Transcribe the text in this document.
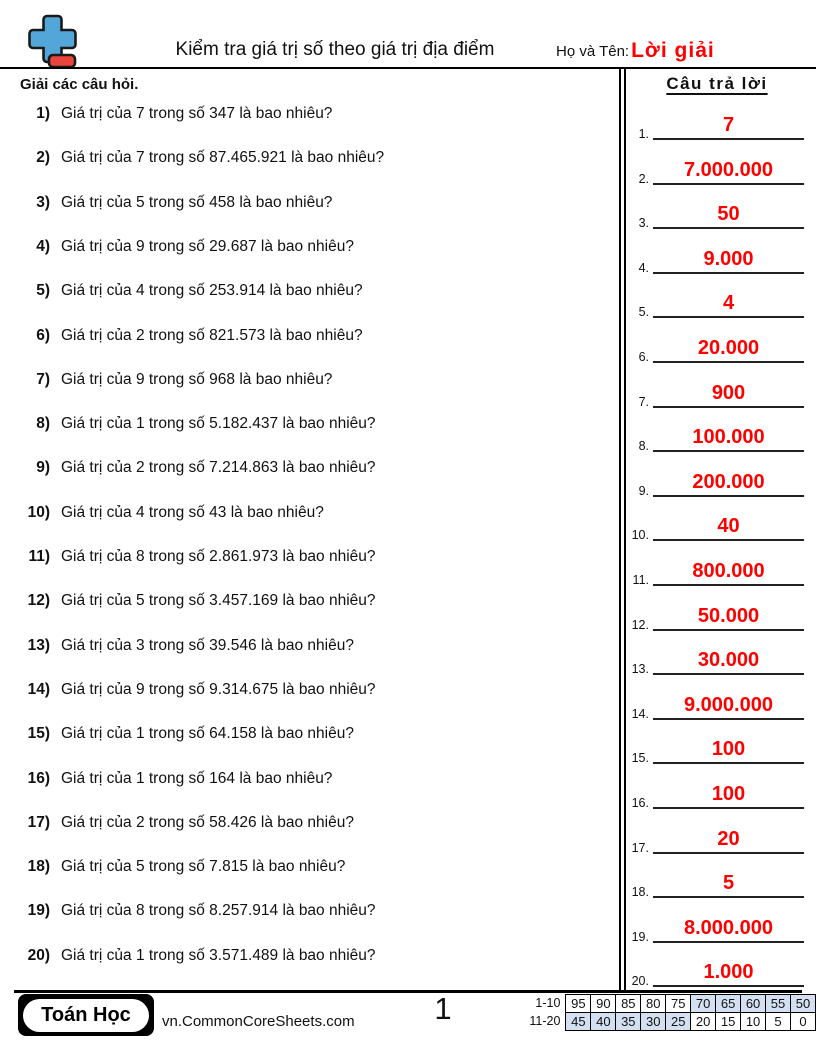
Kiểm tra giá trị số theo giá trị địa điểm	Họ và Tên: Lời giải
Giải các câu hỏi.
1) Giá trị của 7 trong số 347 là bao nhiêu?
2) Giá trị của 7 trong số 87.465.921 là bao nhiêu?
3) Giá trị của 5 trong số 458 là bao nhiêu?
4) Giá trị của 9 trong số 29.687 là bao nhiêu?
5) Giá trị của 4 trong số 253.914 là bao nhiêu?
6) Giá trị của 2 trong số 821.573 là bao nhiêu?
7) Giá trị của 9 trong số 968 là bao nhiêu?
8) Giá trị của 1 trong số 5.182.437 là bao nhiêu?
9) Giá trị của 2 trong số 7.214.863 là bao nhiêu?
10) Giá trị của 4 trong số 43 là bao nhiêu?
11) Giá trị của 8 trong số 2.861.973 là bao nhiêu?
12) Giá trị của 5 trong số 3.457.169 là bao nhiêu?
13) Giá trị của 3 trong số 39.546 là bao nhiêu?
14) Giá trị của 9 trong số 9.314.675 là bao nhiêu?
15) Giá trị của 1 trong số 64.158 là bao nhiêu?
16) Giá trị của 1 trong số 164 là bao nhiêu?
17) Giá trị của 2 trong số 58.426 là bao nhiêu?
18) Giá trị của 5 trong số 7.815 là bao nhiêu?
19) Giá trị của 8 trong số 8.257.914 là bao nhiêu?
20) Giá trị của 1 trong số 3.571.489 là bao nhiêu?
Câu trả lời
1.	7
2.	7.000.000
3.	50
4.	9.000
5.	4
6.	20.000
7.	900
8.	100.000
9.	200.000
10.	40
11.	800.000
12.	50.000
13.	30.000
14.	9.000.000
15.	100
16.	100
17.	20
18.	5
19.	8.000.000
20.	1.000
Toán Học	vn.CommonCoreSheets.com	1	1-10	95	90	85	80	75	70	65	60	55	50
11-20	45	40	35	30	25	20	15	10	5	0
